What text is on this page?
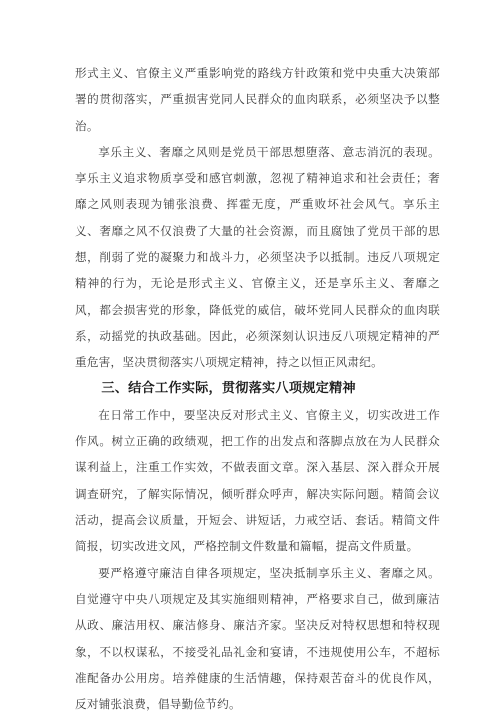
形式主义、官僚主义严重影响党的路线方针政策和党中央重大决策部署的贯彻落实，严重损害党同人民群众的血肉联系，必须坚决予以整治。

享乐主义、奢靡之风则是党员干部思想堕落、意志消沉的表现。享乐主义追求物质享受和感官刺激，忽视了精神追求和社会责任；奢靡之风则表现为铺张浪费、挥霍无度，严重败坏社会风气。享乐主义、奢靡之风不仅浪费了大量的社会资源，而且腐蚀了党员干部的思想，削弱了党的凝聚力和战斗力，必须坚决予以抵制。违反八项规定精神的行为，无论是形式主义、官僚主义，还是享乐主义、奢靡之风，都会损害党的形象，降低党的威信，破坏党同人民群众的血肉联系，动摇党的执政基础。因此，必须深刻认识违反八项规定精神的严重危害，坚决贯彻落实八项规定精神，持之以恒正风肃纪。

三、结合工作实际，贯彻落实八项规定精神

在日常工作中，要坚决反对形式主义、官僚主义，切实改进工作作风。树立正确的政绩观，把工作的出发点和落脚点放在为人民群众谋利益上，注重工作实效，不做表面文章。深入基层、深入群众开展调查研究，了解实际情况，倾听群众呼声，解决实际问题。精简会议活动，提高会议质量，开短会、讲短话，力戒空话、套话。精简文件简报，切实改进文风，严格控制文件数量和篇幅，提高文件质量。

要严格遵守廉洁自律各项规定，坚决抵制享乐主义、奢靡之风。自觉遵守中央八项规定及其实施细则精神，严格要求自己，做到廉洁从政、廉洁用权、廉洁修身、廉洁齐家。坚决反对特权思想和特权现象，不以权谋私，不接受礼品礼金和宴请，不违规使用公车，不超标准配备办公用房。培养健康的生活情趣，保持艰苦奋斗的优良作风，反对铺张浪费，倡导勤俭节约。
